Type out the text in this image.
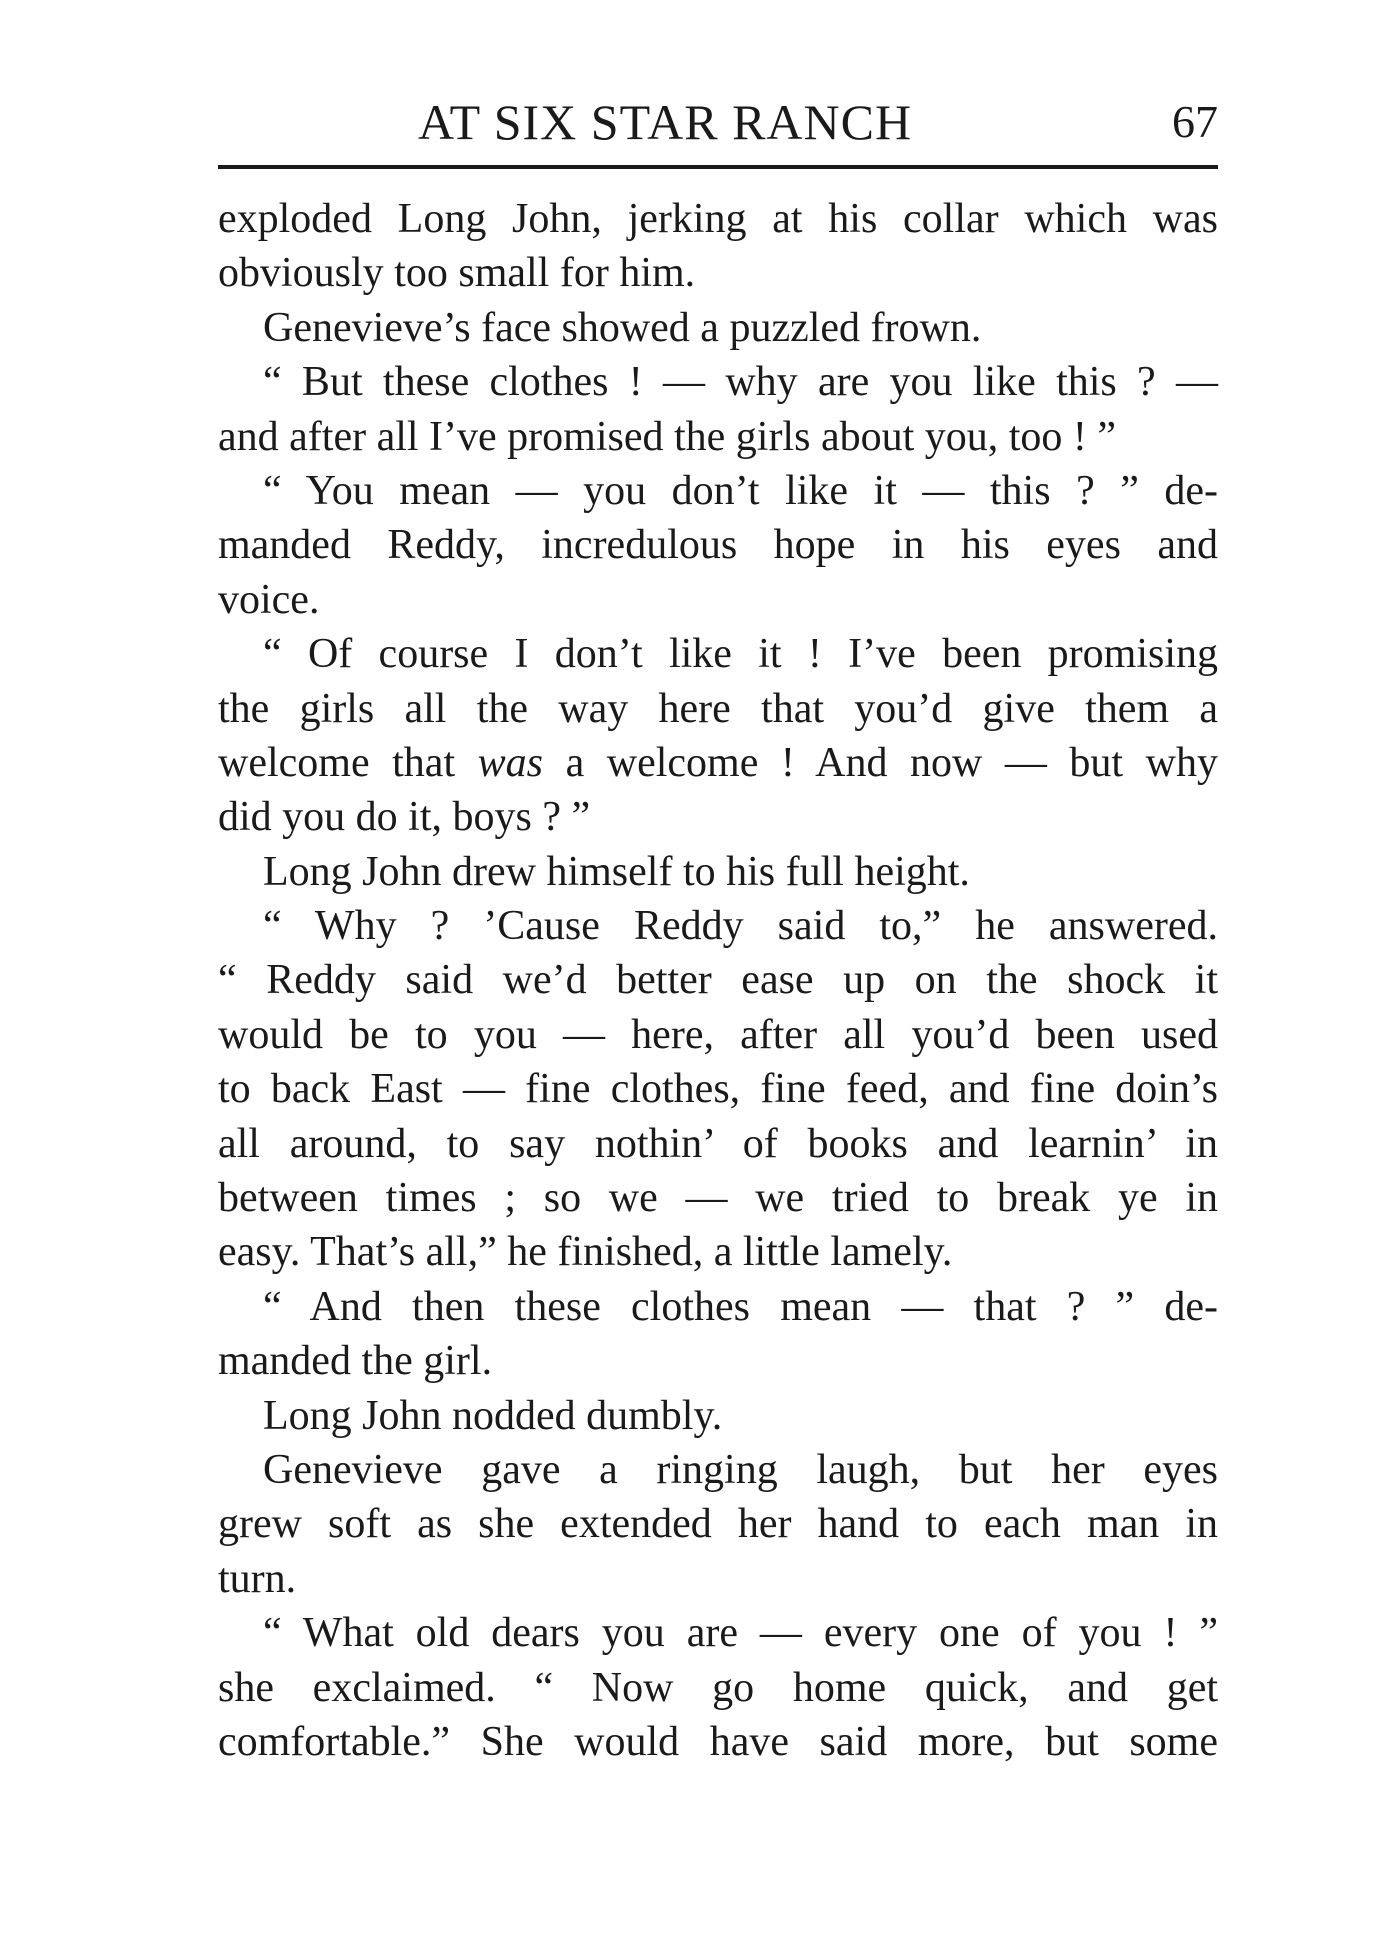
AT SIX STAR RANCH	67
exploded Long John, jerking at his collar which was
obviously too small for him.
Genevieve’s face showed a puzzled frown.
“ But these clothes ! — why are you like this ? —
and after all I’ve promised the girls about you, too ! ”
“ You mean — you don’t like it — this ? ” de-
manded Reddy, incredulous hope in his eyes and
voice.
“ Of course I don’t like it ! I’ve been promising
the girls all the way here that you’d give them a
welcome that was a welcome ! And now — but why
did you do it, boys ? ”
Long John drew himself to his full height.
“ Why ? ’Cause Reddy said to,” he answered.
“ Reddy said we’d better ease up on the shock it
would be to you — here, after all you’d been used
to back East — fine clothes, fine feed, and fine doin’s
all around, to say nothin’ of books and learnin’ in
between times ; so we — we tried to break ye in
easy. That’s all,” he finished, a little lamely.
“ And then these clothes mean — that ? ” de-
manded the girl.
Long John nodded dumbly.
Genevieve gave a ringing laugh, but her eyes
grew soft as she extended her hand to each man in
turn.
“ What old dears you are — every one of you ! ”
she exclaimed. “ Now go home quick, and get
comfortable.” She would have said more, but some
